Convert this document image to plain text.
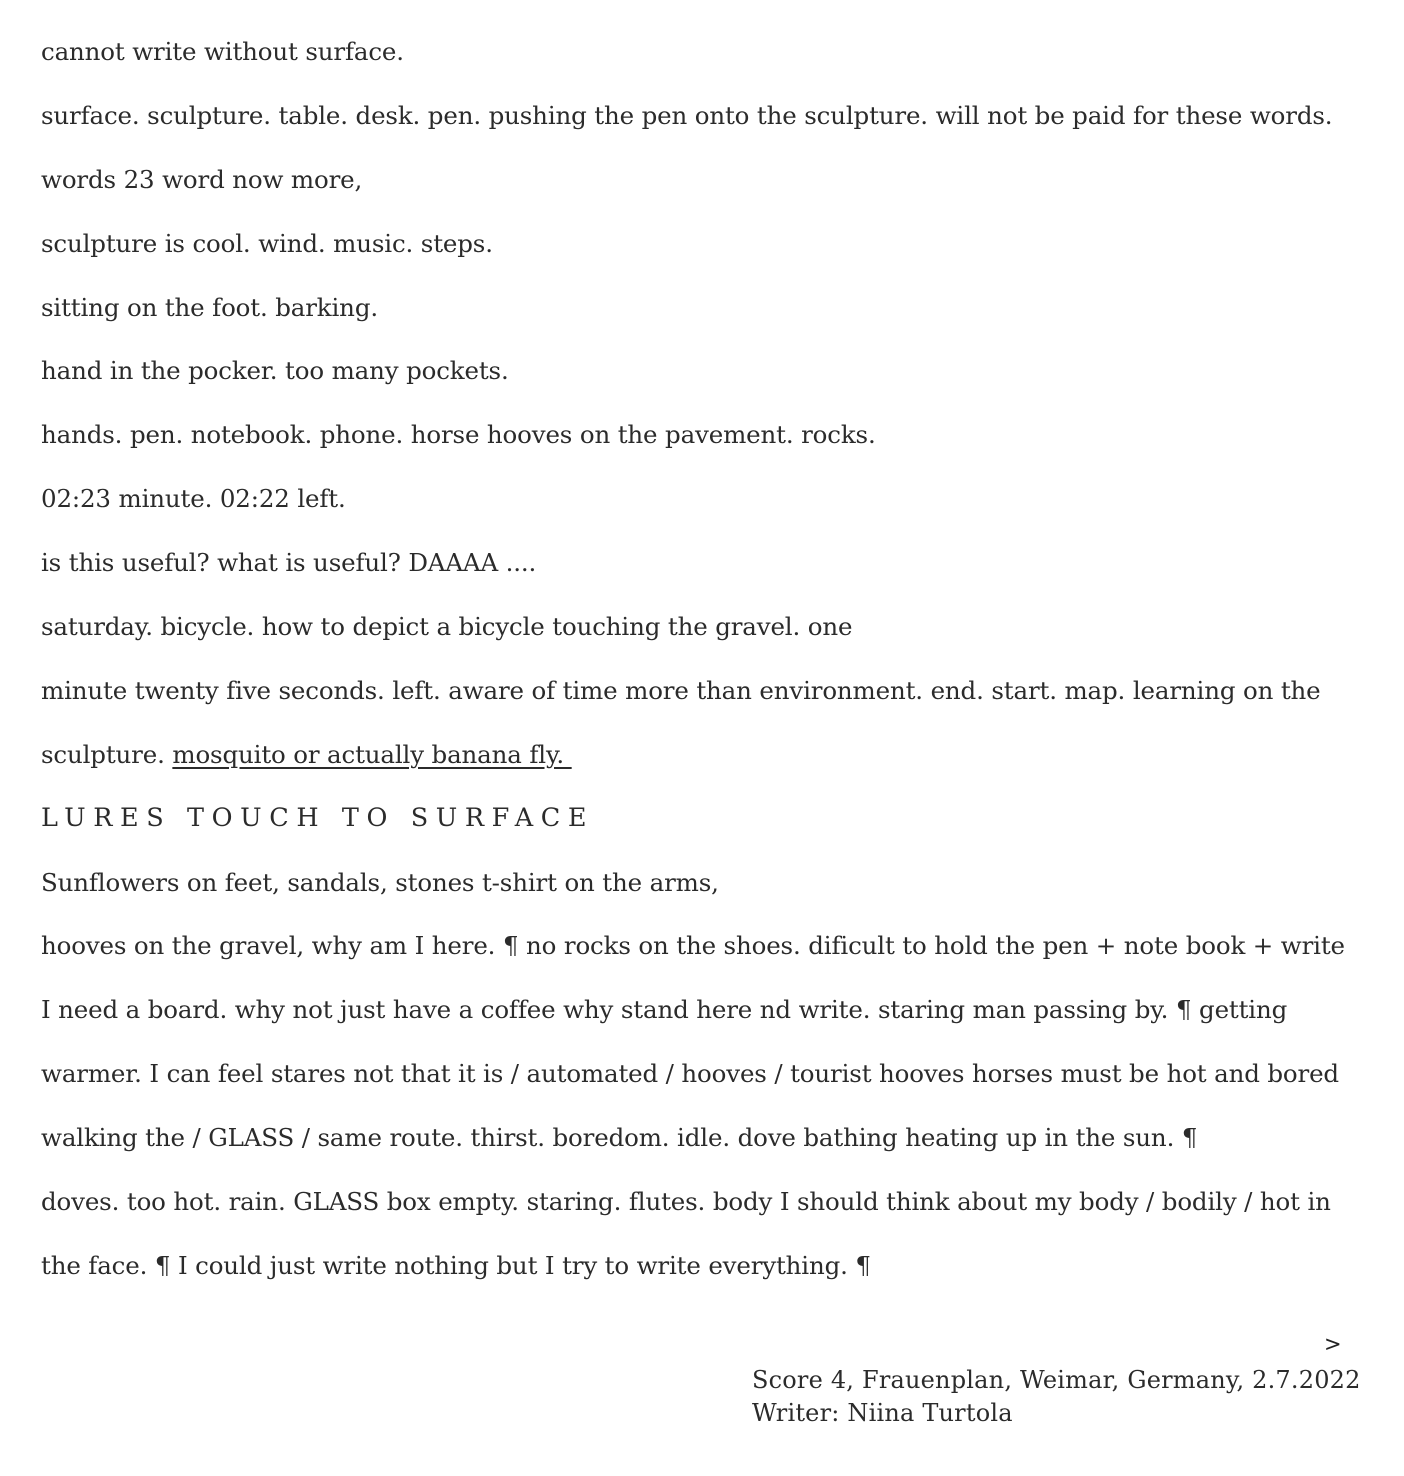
cannot write without surface.
surface. sculpture. table. desk. pen. pushing the pen onto the sculpture. will not be paid for these words.
words 23 word now more,
sculpture is cool. wind. music. steps.
sitting on the foot. barking.
hand in the pocker. too many pockets.
hands. pen. notebook. phone. horse hooves on the pavement. rocks.
02:23 minute. 02:22 left.
is this useful? what is useful? DAAAA ....
saturday. bicycle. how to depict a bicycle touching the gravel. one
minute twenty five seconds. left. aware of time more than environment. end. start. map. learning on the
sculpture. mosquito or actually banana fly.
LURES TOUCH TO SURFACE
Sunflowers on feet, sandals, stones t-shirt on the arms,
hooves on the gravel, why am I here. ¶ no rocks on the shoes. dificult to hold the pen + note book + write
I need a board. why not just have a coffee why stand here nd write. staring man passing by. ¶ getting
warmer. I can feel stares not that it is / automated / hooves / tourist hooves horses must be hot and bored
walking the / GLASS / same route. thirst. boredom. idle. dove bathing heating up in the sun. ¶
doves. too hot. rain. GLASS box empty. staring. flutes. body I should think about my body / bodily / hot in
the face. ¶ I could just write nothing but I try to write everything. ¶
>
Score 4, Frauenplan, Weimar, Germany, 2.7.2022
Writer: Niina Turtola
